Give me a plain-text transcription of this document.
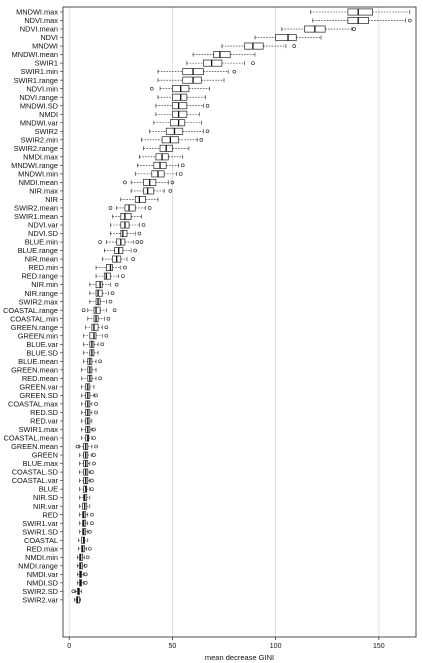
MNDWI.max
NDVI.max
NDVI.mean
NDVI
MNDWI
MNDWI.mean
SWIR1
SWIR1.min
SWIR1.range
NDVI.min
NDVI.range
MNDWI.SD
NMDI
MNDWI.var
SWIR2
SWIR2.min
SWIR2.range
NMDI.max
MNDWI.range
MNDWI.min
NMDI.mean
NIR.max
NIR
SWIR2.mean
SWIR1.mean
NDVI.var
NDVI.SD
BLUE.min
BLUE.range
NIR.mean
RED.min
RED.range
NIR.min
NIR.range
SWIR2.max
COASTAL.range
COASTAL.min
GREEN.range
GREEN.min
BLUE.var
BLUE.SD
BLUE.mean
GREEN.mean
RED.mean
GREEN.var
GREEN.SD
COASTAL.max
RED.SD
RED.var
SWIR1.max
COASTAL.mean
GREEN.mean
GREEN
BLUE.max
COASTAL.SD
COASTAL.var
BLUE
NIR.SD
NIR.var
RED
SWIR1.var
SWIR1.SD
COASTAL
RED.max
NMDI.min
NMDI.range
NMDI.var
NMDI.SD
SWIR2.SD
SWIR2.var
0	50	100	150
mean decrease GINI
